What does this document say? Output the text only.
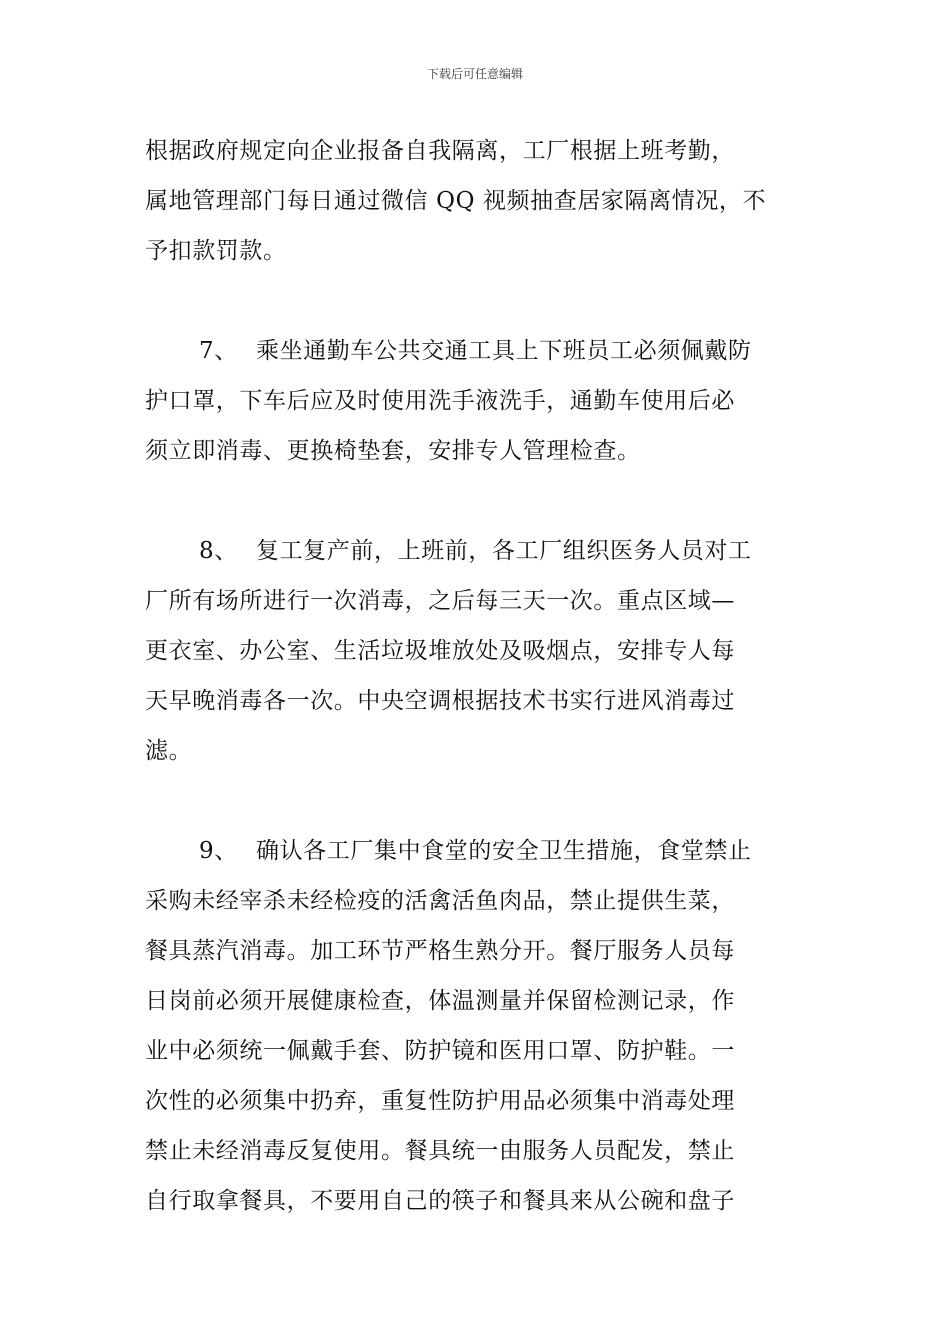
下载后可任意编辑
根据政府规定向企业报备自我隔离，工厂根据上班考勤，
属地管理部门每日通过微信 QQ 视频抽查居家隔离情况，不
予扣款罚款。
7、 乘坐通勤车公共交通工具上下班员工必须佩戴防
护口罩，下车后应及时使用洗手液洗手，通勤车使用后必
须立即消毒、更换椅垫套，安排专人管理检查。
8、 复工复产前，上班前，各工厂组织医务人员对工
厂所有场所进行一次消毒，之后每三天一次。重点区域—
更衣室、办公室、生活垃圾堆放处及吸烟点，安排专人每
天早晚消毒各一次。中央空调根据技术书实行进风消毒过
滤。
9、 确认各工厂集中食堂的安全卫生措施，食堂禁止
采购未经宰杀未经检疫的活禽活鱼肉品，禁止提供生菜，
餐具蒸汽消毒。加工环节严格生熟分开。餐厅服务人员每
日岗前必须开展健康检查，体温测量并保留检测记录，作
业中必须统一佩戴手套、防护镜和医用口罩、防护鞋。一
次性的必须集中扔弃，重复性防护用品必须集中消毒处理
禁止未经消毒反复使用。餐具统一由服务人员配发，禁止
自行取拿餐具，不要用自己的筷子和餐具来从公碗和盘子
